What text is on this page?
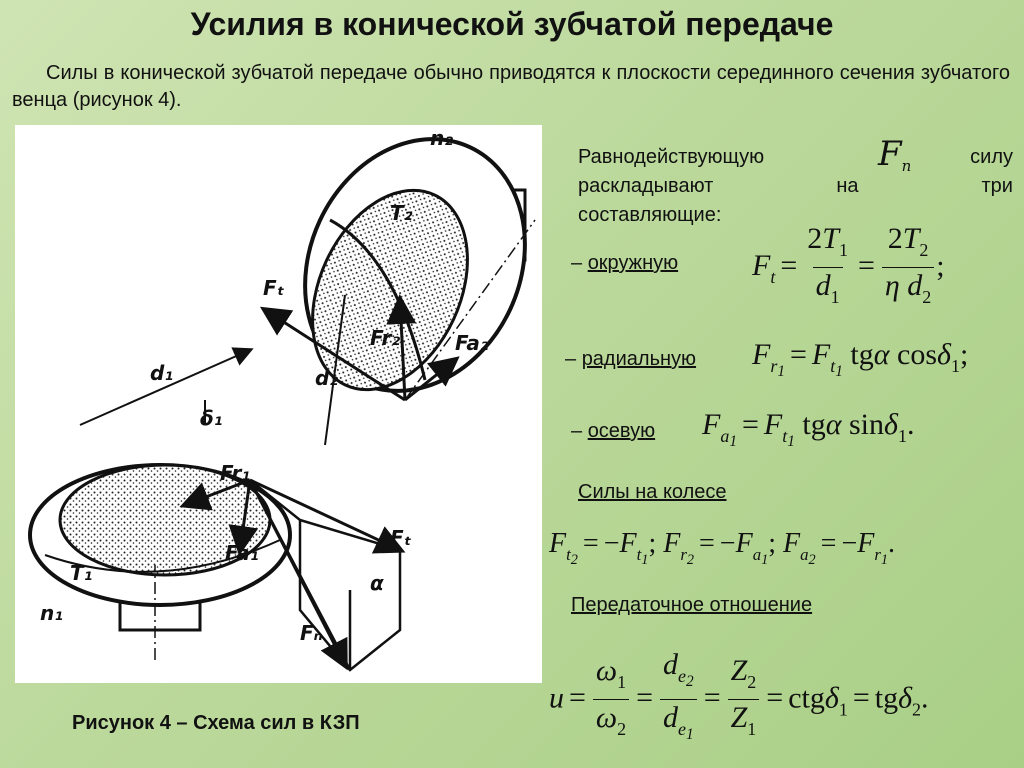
Усилия в конической зубчатой передаче
Силы в конической зубчатой передаче обычно приводятся к плоскости серединного сечения зубчатого венца (рисунок 4).
n₂
T₂
Fₜ
d₂
Fr₂	Fa₂
d₁
δ₁
Fr₁
Fa₁
T₁
n₁
Fₜ
Fₙ
α
Рисунок 4 – Схема сил в КЗП
Равнодействующую	силу
раскладывают	на	три
составляющие:
$F_n$
– окружную $F_t = \frac{2T_1}{d_1} = \frac{2T_2}{\eta d_2}$ ;
– радиальную $F_{r_1}= F_{t_1}$ tgα cosδ$_1$;
– осевую $F_{a_1}= F_{t_1}$ tgα sinδ$_1$.
Силы на колесе
$F_{t_2}= -F_{t_1}$; $F_{r_2}= -F_{a_1}$; $F_{a_2}= -F_{r_1}$.
Передаточное отношение
$u = \frac{\omega_1}{\omega_2} = \frac{d_{e_2}}{d_{e_1}} = \frac{Z_2}{Z_1} = ctg\delta_1 = tg\delta_2$.
